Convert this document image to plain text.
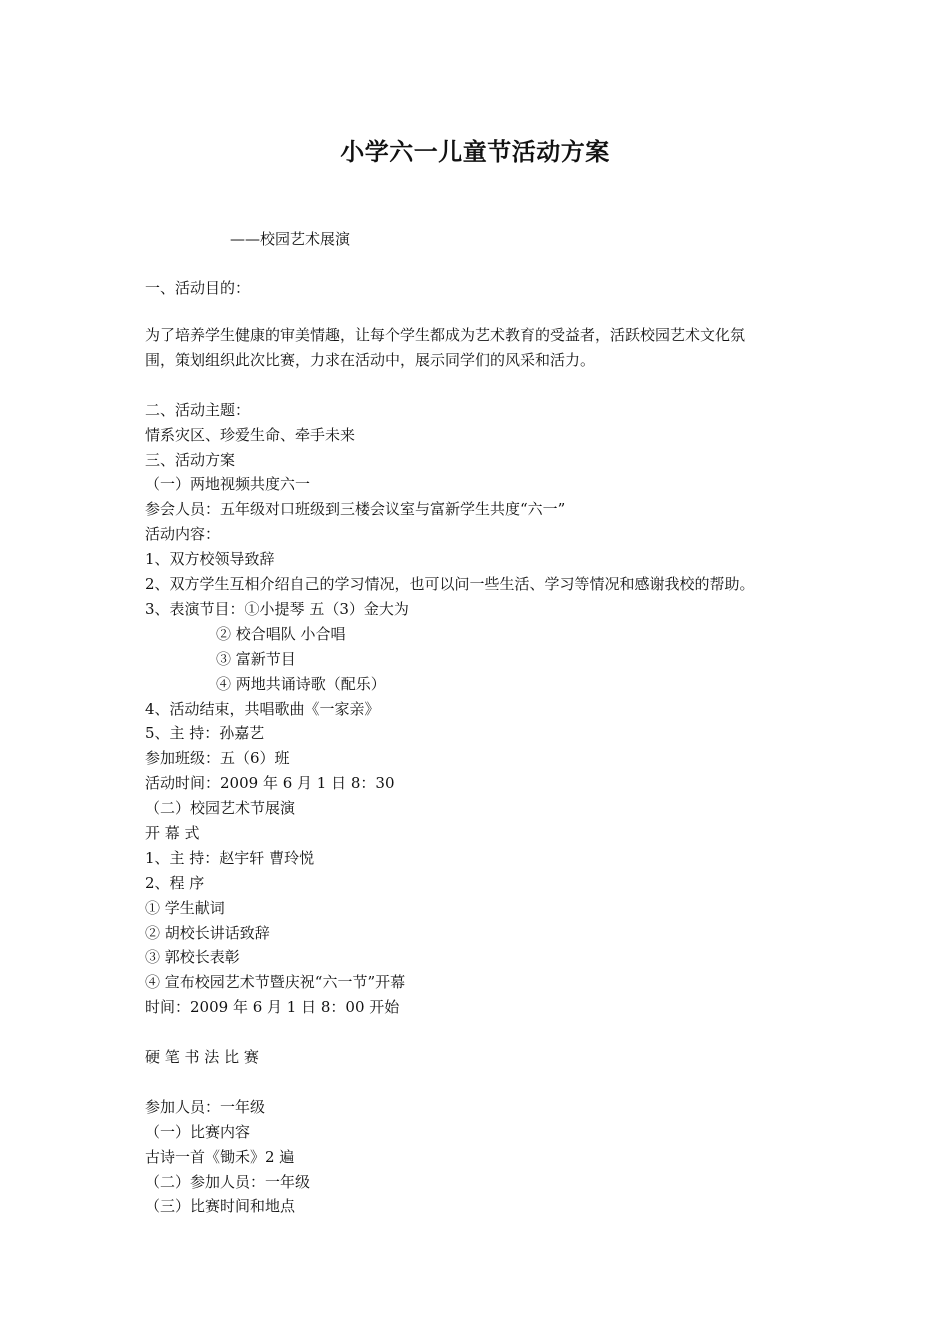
小学六一儿童节活动方案
——校园艺术展演
一、活动目的：
为了培养学生健康的审美情趣，让每个学生都成为艺术教育的受益者，活跃校园艺术文化氛
围，策划组织此次比赛，力求在活动中，展示同学们的风采和活力。
二、活动主题：
情系灾区、珍爱生命、牵手未来
三、活动方案
（一）两地视频共度六一
参会人员：五年级对口班级到三楼会议室与富新学生共度“六一”
活动内容：
1、双方校领导致辞
2、双方学生互相介绍自己的学习情况，也可以问一些生活、学习等情况和感谢我校的帮助。
3、表演节目：①小提琴 五（3）金大为
② 校合唱队 小合唱
③ 富新节目
④ 两地共诵诗歌（配乐）
4、活动结束，共唱歌曲《一家亲》
5、主 持：孙嘉艺
参加班级：五（6）班
活动时间：2009 年 6 月 1 日 8：30
（二）校园艺术节展演
开 幕 式
1、主 持：赵宇轩 曹玲悦
2、程 序
① 学生献词
② 胡校长讲话致辞
③ 郭校长表彰
④ 宣布校园艺术节暨庆祝“六一节”开幕
时间：2009 年 6 月 1 日 8：00 开始
硬 笔 书 法 比 赛
参加人员：一年级
（一）比赛内容
古诗一首《锄禾》2 遍
（二）参加人员：一年级
（三）比赛时间和地点
